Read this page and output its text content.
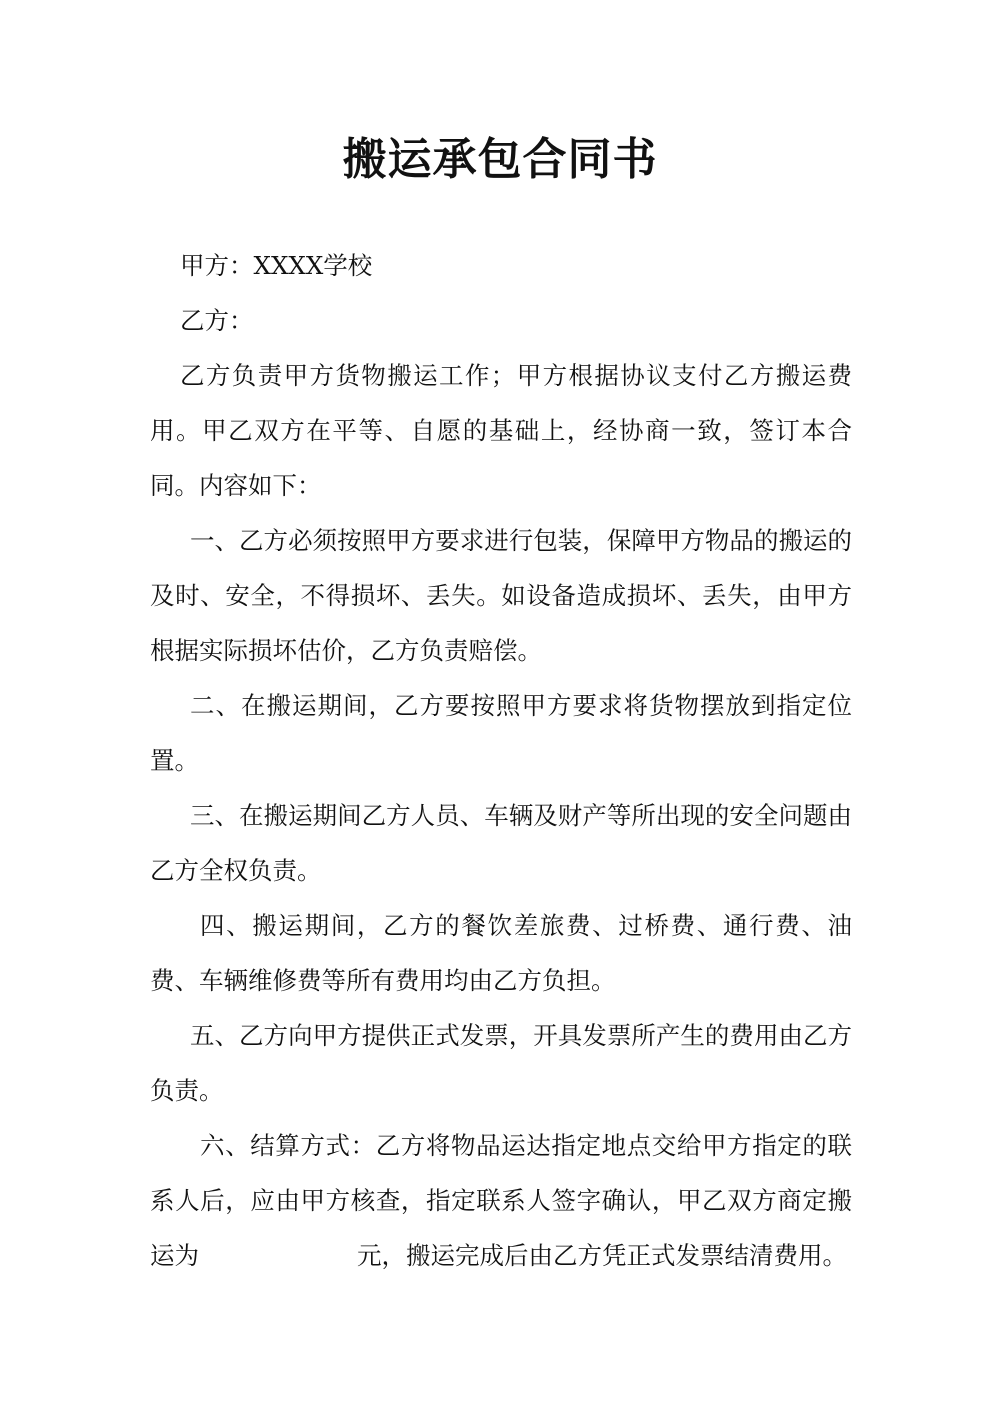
搬运承包合同书

甲方：XXXX学校

乙方：

乙方负责甲方货物搬运工作；甲方根据协议支付乙方搬运费用。甲乙双方在平等、自愿的基础上，经协商一致，签订本合同。内容如下：

一、乙方必须按照甲方要求进行包装，保障甲方物品的搬运的及时、安全，不得损坏、丢失。如设备造成损坏、丢失，由甲方根据实际损坏估价，乙方负责赔偿。

二、在搬运期间，乙方要按照甲方要求将货物摆放到指定位置。

三、在搬运期间乙方人员、车辆及财产等所出现的安全问题由乙方全权负责。

四、搬运期间，乙方的餐饮差旅费、过桥费、通行费、油费、车辆维修费等所有费用均由乙方负担。

五、乙方向甲方提供正式发票，开具发票所产生的费用由乙方负责。

六、结算方式：乙方将物品运达指定地点交给甲方指定的联系人后，应由甲方核查，指定联系人签字确认，甲乙双方商定搬运为	元，搬运完成后由乙方凭正式发票结清费用。
